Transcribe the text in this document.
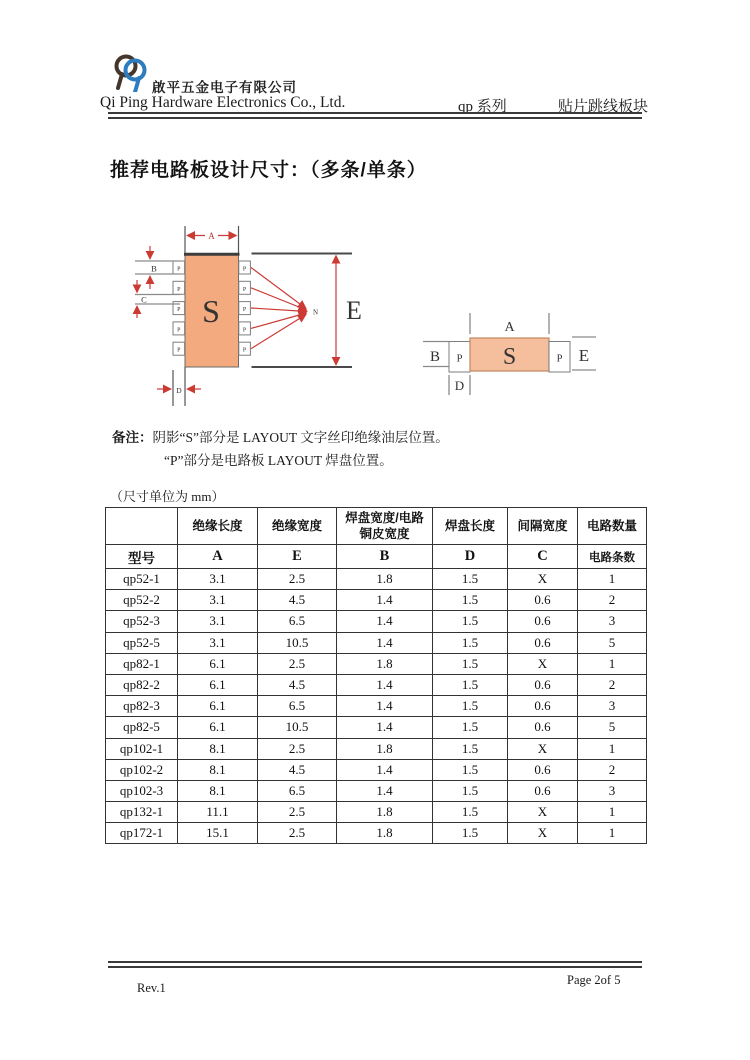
啟平五金电子有限公司
Qi Ping Hardware Electronics Co., Ltd.	qp 系列	贴片跳线板块
推荐电路板设计尺寸：（多条/单条）
A
S
P
P
P
P
P
P
P
P
P
P
B
C
D
N E
A
B P S	P E
D
备注：阴影“S”部分是 LAYOUT 文字丝印绝缘油层位置。
“P”部分是电路板 LAYOUT 焊盘位置。
（尺寸单位为 mm）
	绝缘长度	绝缘宽度	焊盘宽度/电路
铜皮宽度	焊盘长度	间隔宽度	电路数量
型号	A	E	B	D	C	电路条数
qp52-1	3.1	2.5	1.8	1.5	X	1
qp52-2	3.1	4.5	1.4	1.5	0.6	2
qp52-3	3.1	6.5	1.4	1.5	0.6	3
qp52-5	3.1	10.5	1.4	1.5	0.6	5
qp82-1	6.1	2.5	1.8	1.5	X	1
qp82-2	6.1	4.5	1.4	1.5	0.6	2
qp82-3	6.1	6.5	1.4	1.5	0.6	3
qp82-5	6.1	10.5	1.4	1.5	0.6	5
qp102-1	8.1	2.5	1.8	1.5	X	1
qp102-2	8.1	4.5	1.4	1.5	0.6	2
qp102-3	8.1	6.5	1.4	1.5	0.6	3
qp132-1	11.1	2.5	1.8	1.5	X	1
qp172-1	15.1	2.5	1.8	1.5	X	1
Rev.1
Page 2of 5
